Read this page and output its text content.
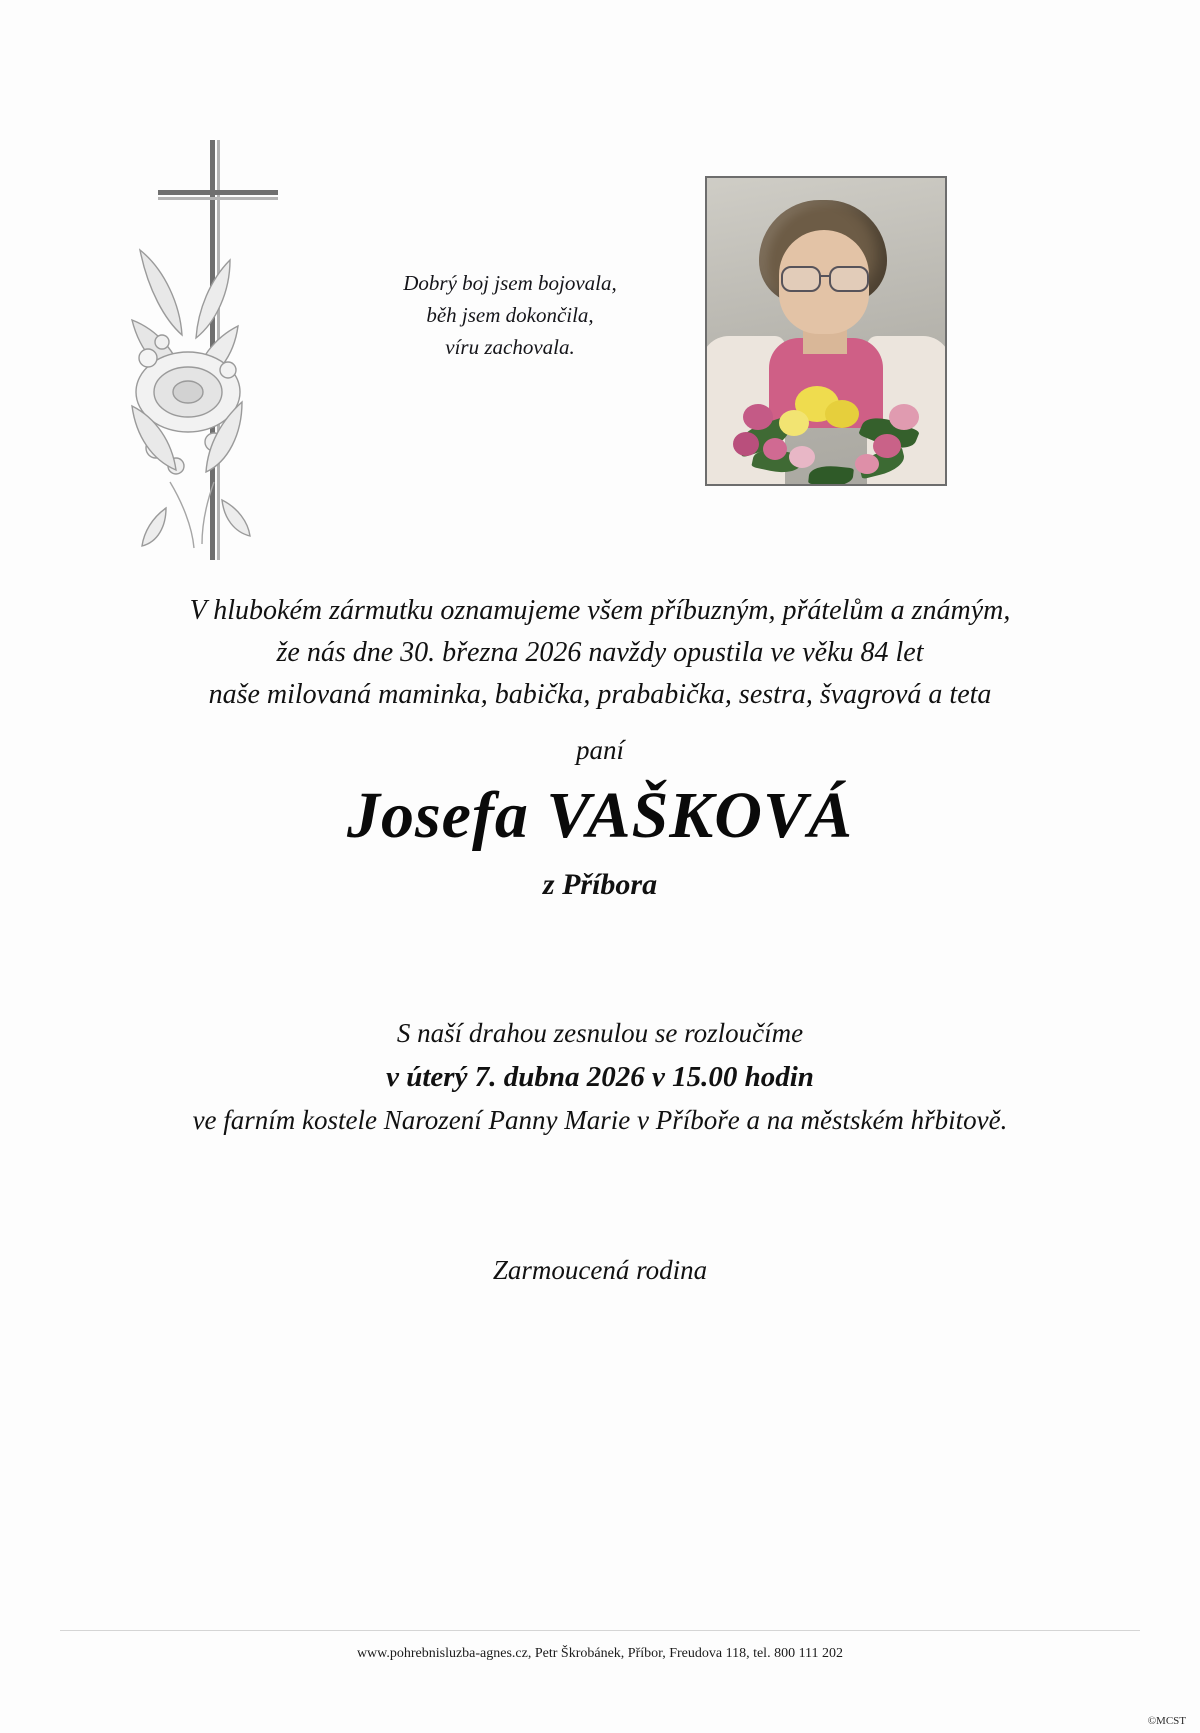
Dobrý boj jsem bojovala,
běh jsem dokončila,
víru zachovala.
V hlubokém zármutku oznamujeme všem příbuzným, přátelům a známým,
že nás dne 30. března 2026 navždy opustila ve věku 84 let
naše milovaná maminka, babička, prababička, sestra, švagrová a teta
paní
Josefa VAŠKOVÁ
z Příbora
S naší drahou zesnulou se rozloučíme
v úterý 7. dubna 2026 v 15.00 hodin
ve farním kostele Narození Panny Marie v Příboře a na městském hřbitově.
Zarmoucená rodina
www.pohrebnisluzba-agnes.cz, Petr Škrobánek, Příbor, Freudova 118, tel. 800 111 202
©MCST
